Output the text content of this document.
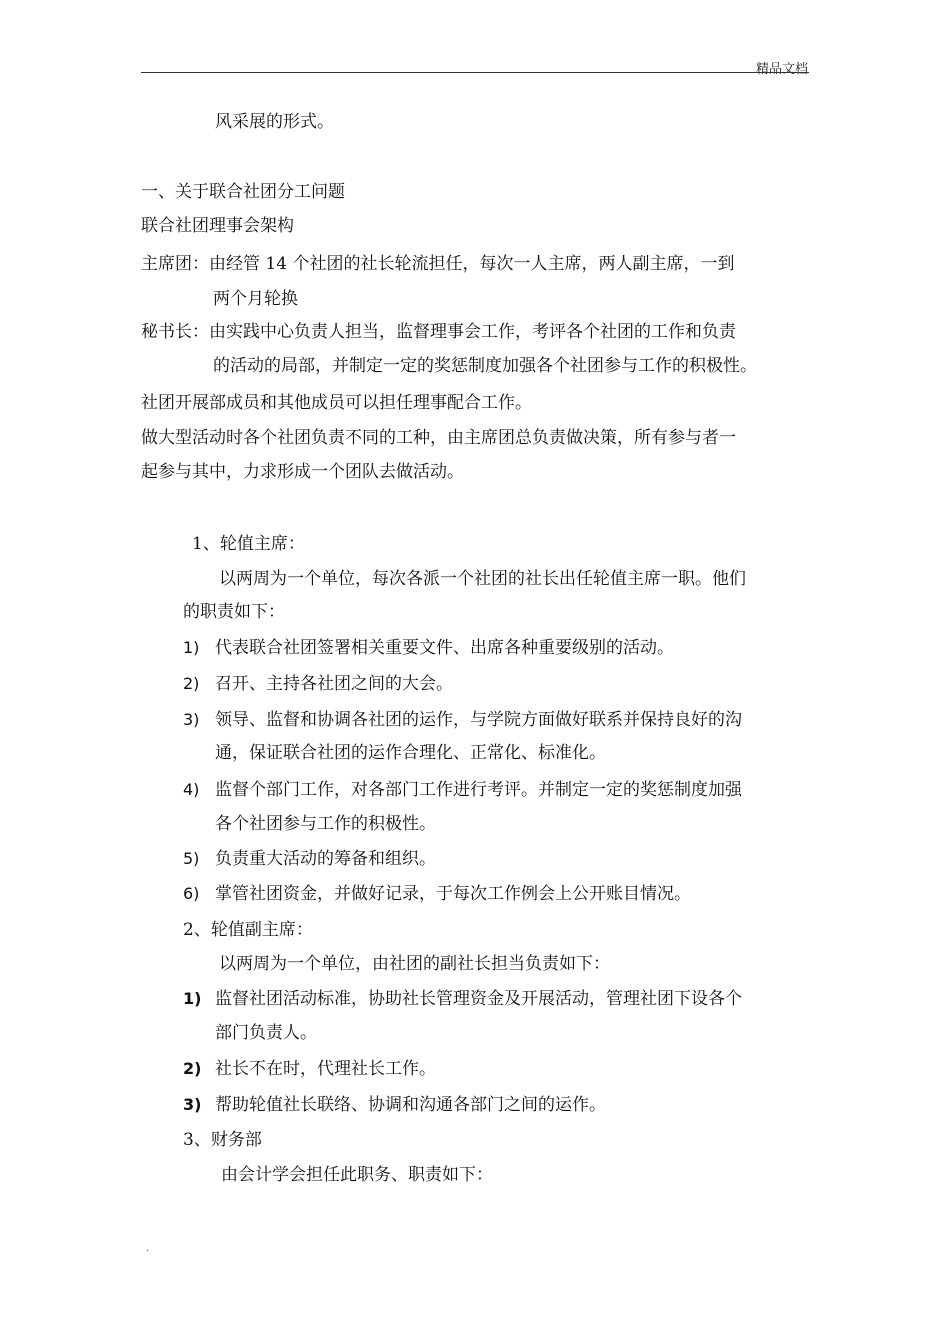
精品文档
风采展的形式。
一、关于联合社团分工问题
联合社团理事会架构
主席团：由经管 14 个社团的社长轮流担任，每次一人主席，两人副主席，一到
两个月轮换
秘书长：由实践中心负责人担当，监督理事会工作，考评各个社团的工作和负责
的活动的局部，并制定一定的奖惩制度加强各个社团参与工作的积极性。
社团开展部成员和其他成员可以担任理事配合工作。
做大型活动时各个社团负责不同的工种，由主席团总负责做决策，所有参与者一
起参与其中，力求形成一个团队去做活动。
1、轮值主席：
以两周为一个单位，每次各派一个社团的社长出任轮值主席一职。他们
的职责如下：
1) 代表联合社团签署相关重要文件、出席各种重要级别的活动。
2) 召开、主持各社团之间的大会。
3) 领导、监督和协调各社团的运作，与学院方面做好联系并保持良好的沟
通，保证联合社团的运作合理化、正常化、标准化。
4) 监督个部门工作，对各部门工作进行考评。并制定一定的奖惩制度加强
各个社团参与工作的积极性。
5) 负责重大活动的筹备和组织。
6) 掌管社团资金，并做好记录，于每次工作例会上公开账目情况。
2、轮值副主席：
以两周为一个单位，由社团的副社长担当负责如下：
1) 监督社团活动标准，协助社长管理资金及开展活动，管理社团下设各个
部门负责人。
2) 社长不在时，代理社长工作。
3) 帮助轮值社长联络、协调和沟通各部门之间的运作。
3、财务部
由会计学会担任此职务、职责如下：
.
